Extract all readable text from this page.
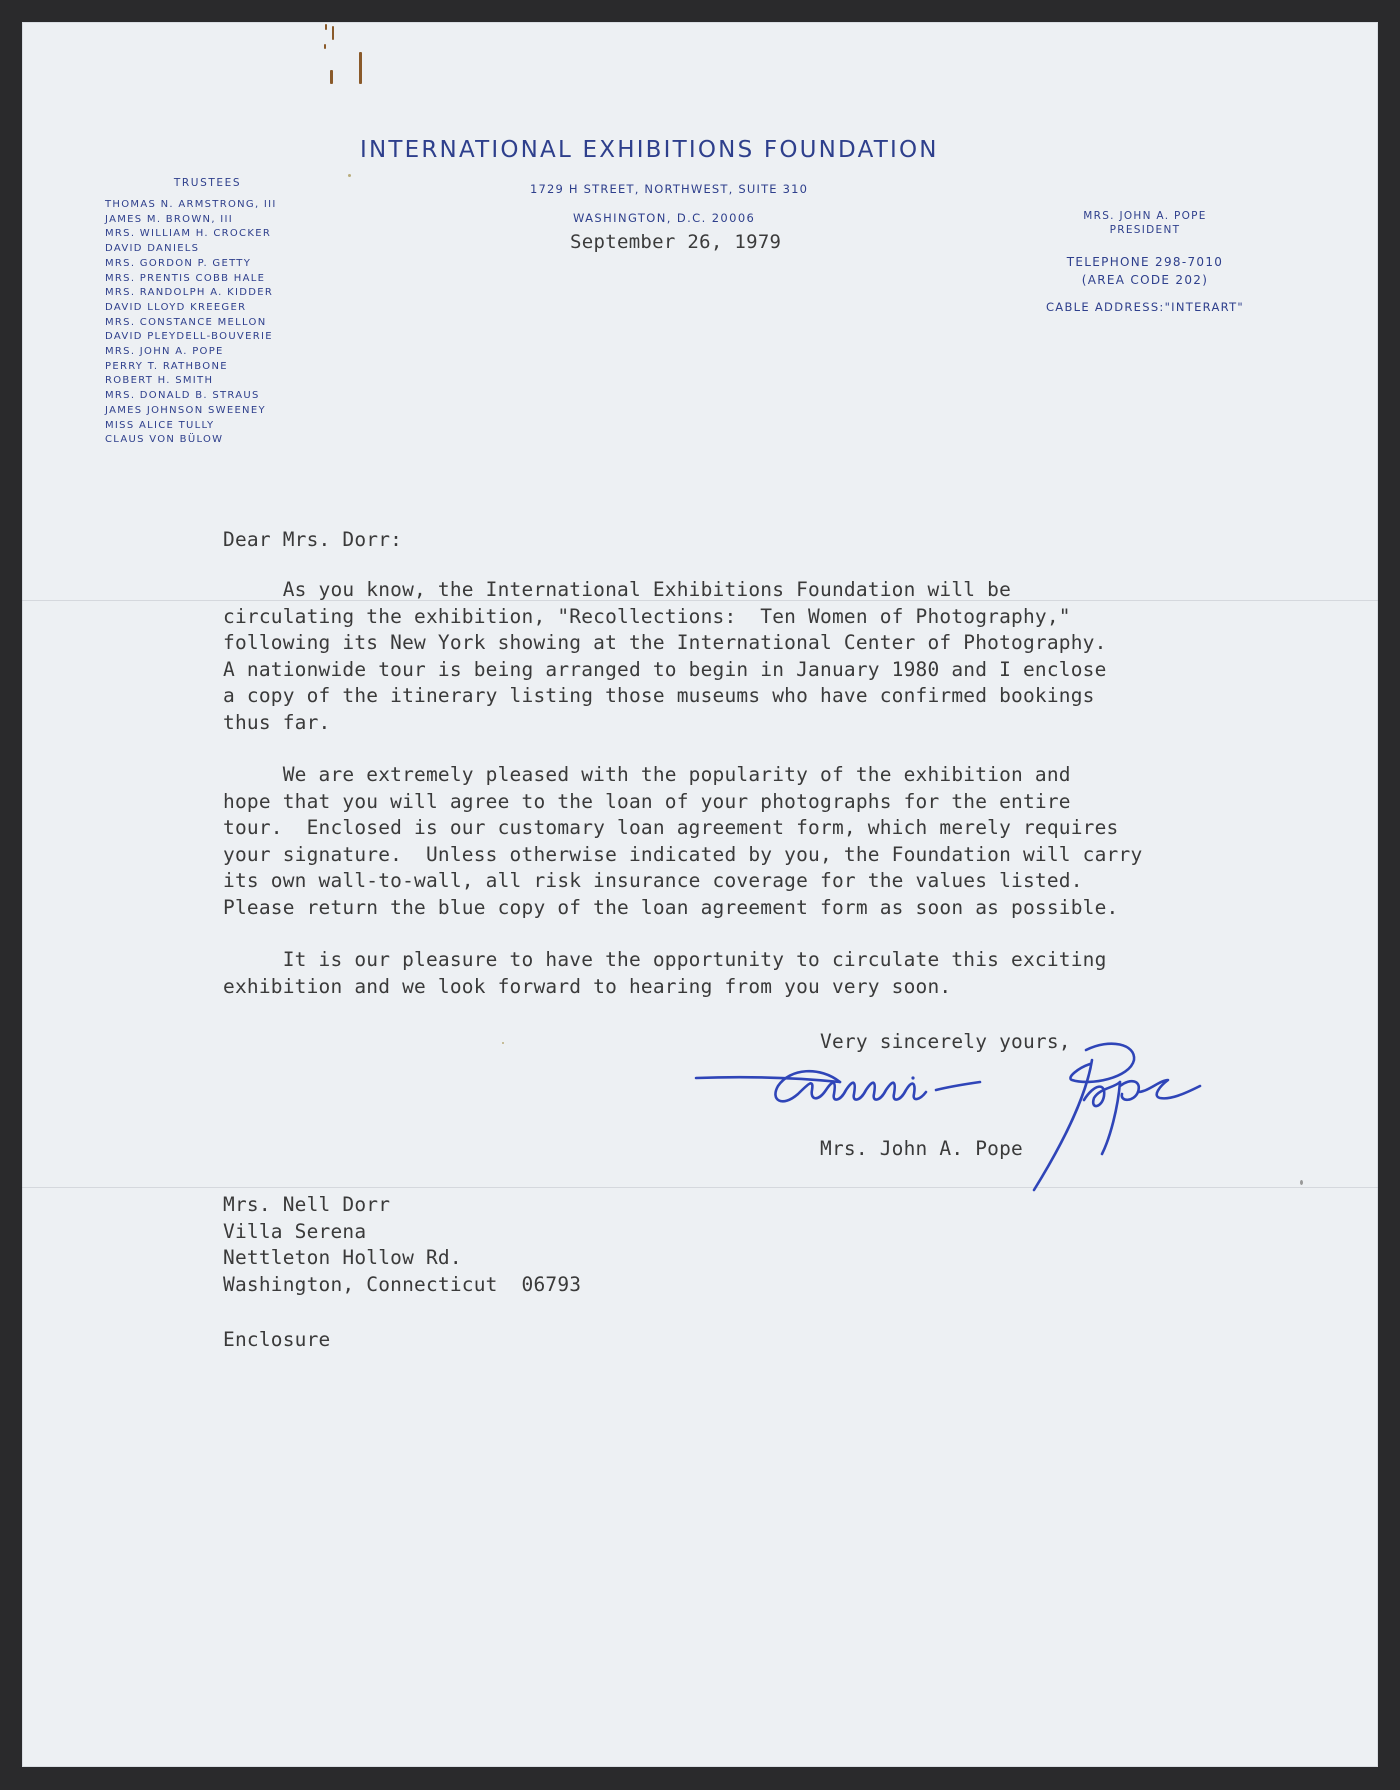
INTERNATIONAL EXHIBITIONS FOUNDATION
1729 H STREET, NORTHWEST, SUITE 310
WASHINGTON, D.C. 20006
September 26, 1979
TRUSTEES
THOMAS N. ARMSTRONG, III
JAMES M. BROWN, III
MRS. WILLIAM H. CROCKER
DAVID DANIELS
MRS. GORDON P. GETTY
MRS. PRENTIS COBB HALE
MRS. RANDOLPH A. KIDDER
DAVID LLOYD KREEGER
MRS. CONSTANCE MELLON
DAVID PLEYDELL-BOUVERIE
MRS. JOHN A. POPE
PERRY T. RATHBONE
ROBERT H. SMITH
MRS. DONALD B. STRAUS
JAMES JOHNSON SWEENEY
MISS ALICE TULLY
CLAUS VON BÜLOW
MRS. JOHN A. POPE
PRESIDENT
TELEPHONE 298-7010
(AREA CODE 202)
CABLE ADDRESS:"INTERART"
Dear Mrs. Dorr:

As you know, the International Exhibitions Foundation will be
circulating the exhibition, "Recollections:  Ten Women of Photography,"
following its New York showing at the International Center of Photography.
A nationwide tour is being arranged to begin in January 1980 and I enclose
a copy of the itinerary listing those museums who have confirmed bookings
thus far.

We are extremely pleased with the popularity of the exhibition and
hope that you will agree to the loan of your photographs for the entire
tour.  Enclosed is our customary loan agreement form, which merely requires
your signature.  Unless otherwise indicated by you, the Foundation will carry
its own wall-to-wall, all risk insurance coverage for the values listed.
Please return the blue copy of the loan agreement form as soon as possible.

It is our pleasure to have the opportunity to circulate this exciting
exhibition and we look forward to hearing from you very soon.

Very sincerely yours,
Mrs. John A. Pope
Mrs. Nell Dorr
Villa Serena
Nettleton Hollow Rd.
Washington, Connecticut  06793
Enclosure
